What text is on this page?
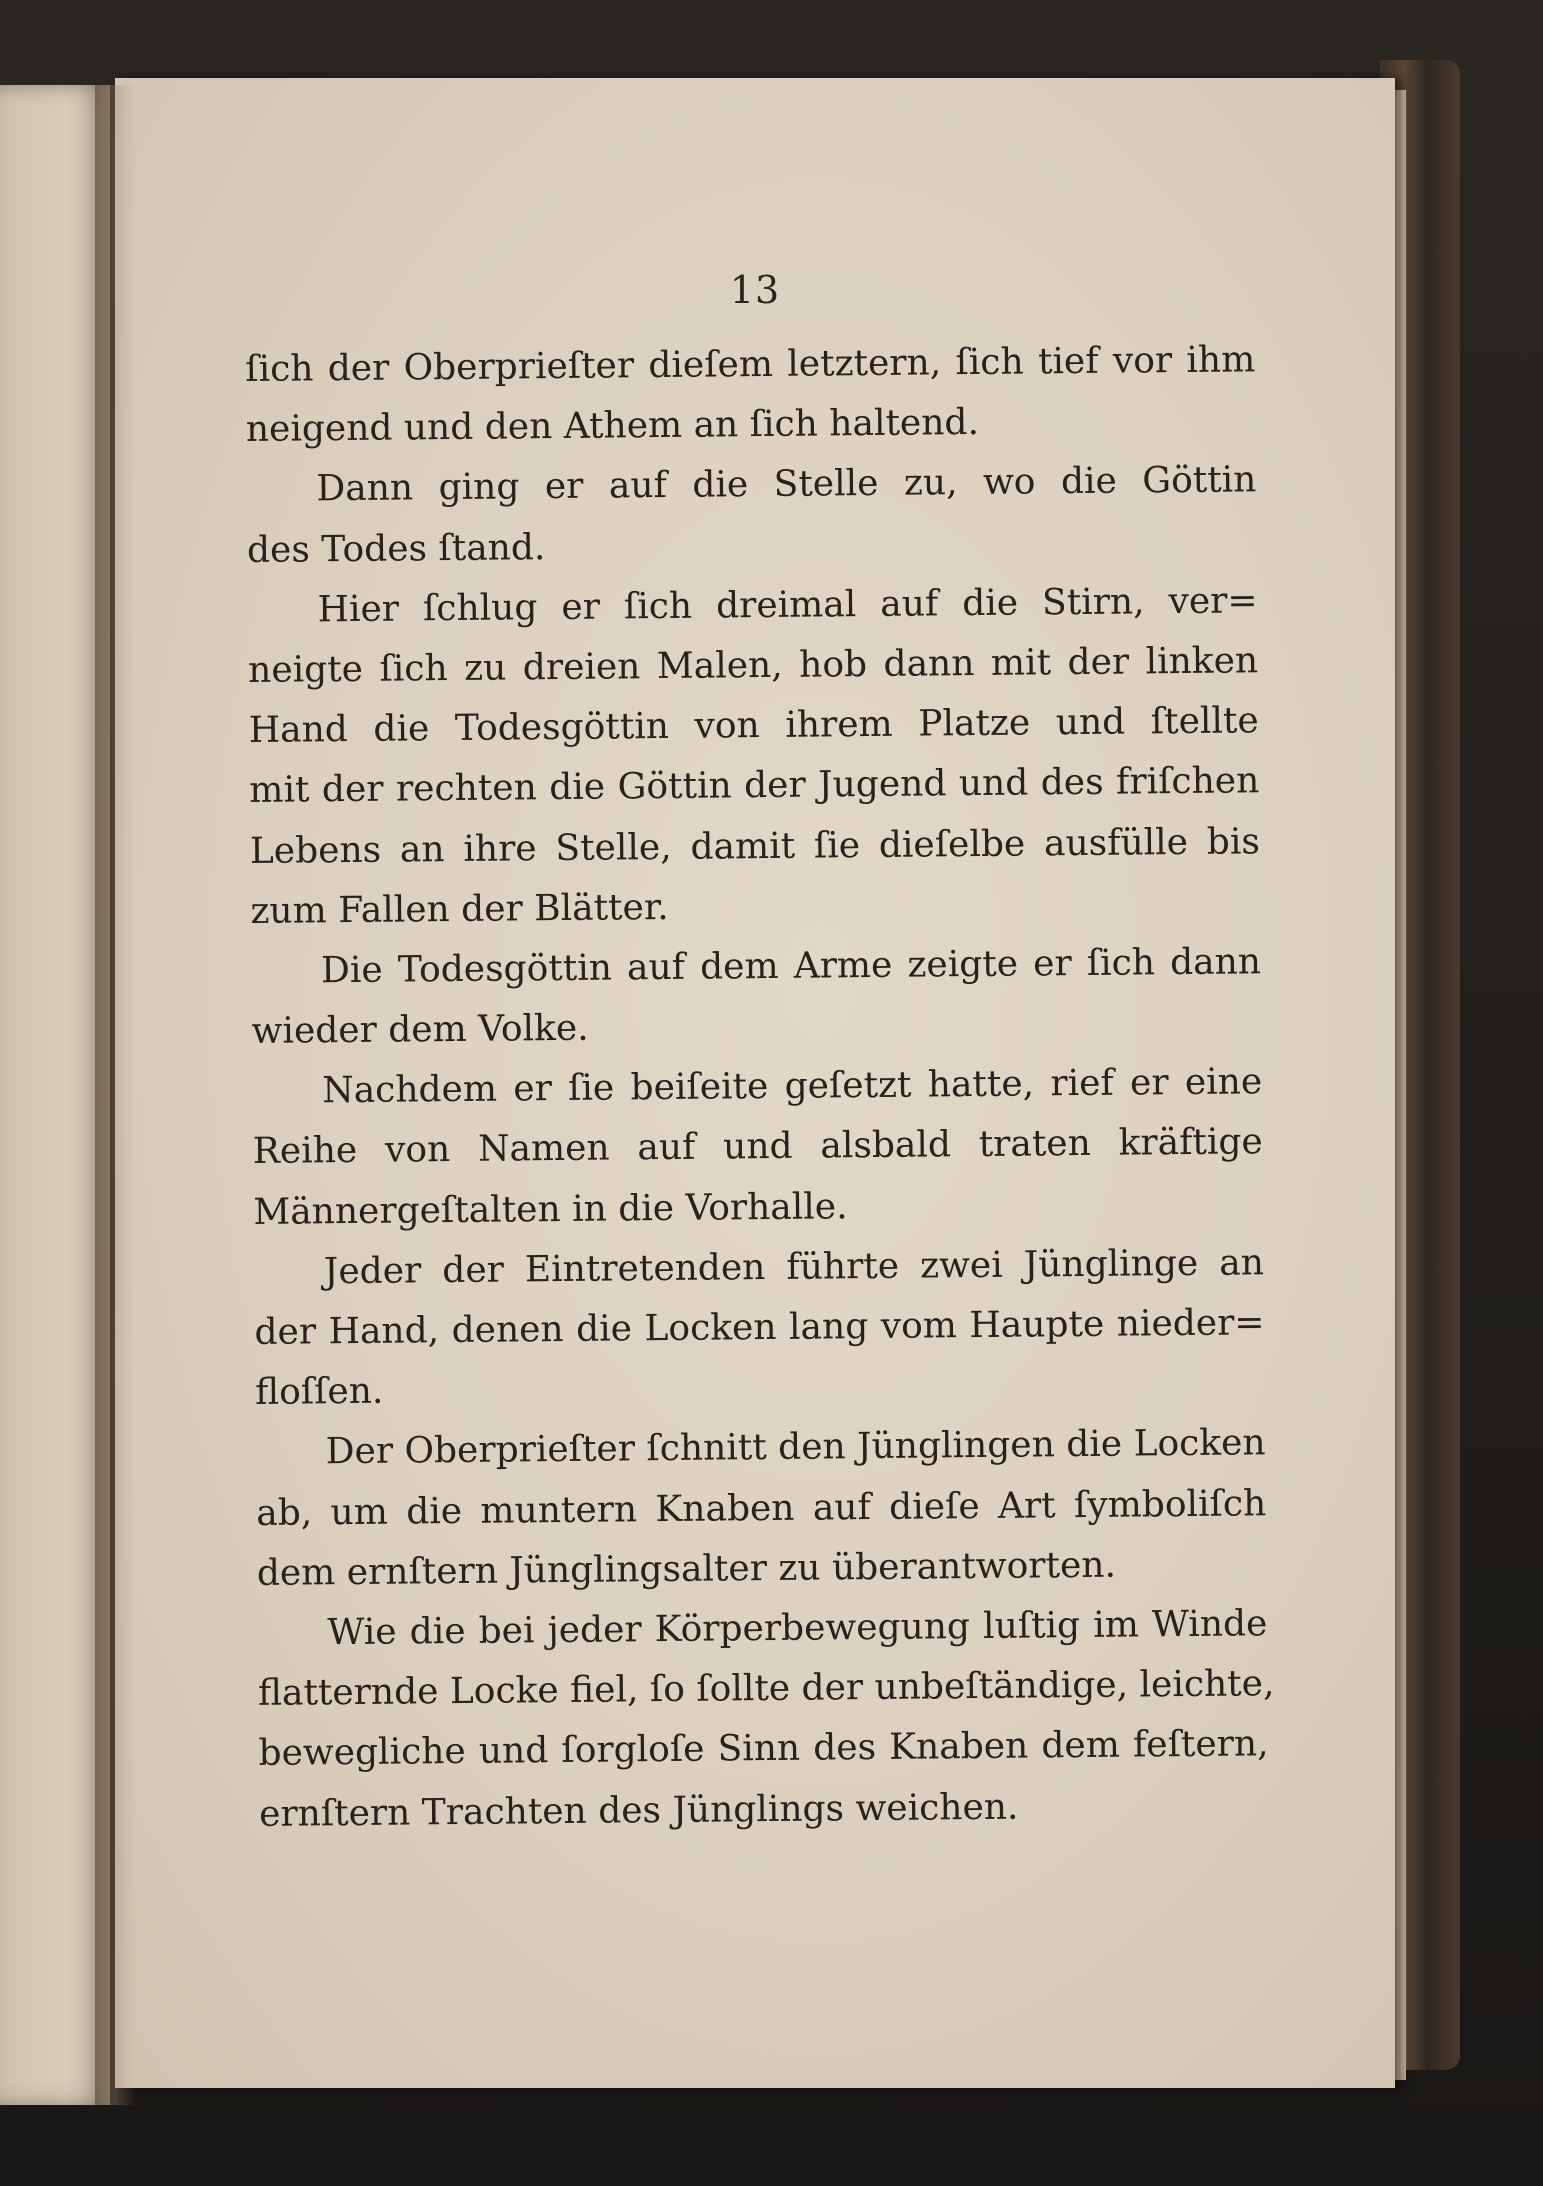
13
ſich der Oberprieſter dieſem letztern, ſich tief vor ihm
neigend und den Athem an ſich haltend.
Dann ging er auf die Stelle zu, wo die Göttin
des Todes ſtand.
Hier ſchlug er ſich dreimal auf die Stirn, ver=
neigte ſich zu dreien Malen, hob dann mit der linken
Hand die Todesgöttin von ihrem Platze und ſtellte
mit der rechten die Göttin der Jugend und des friſchen
Lebens an ihre Stelle, damit ſie dieſelbe ausfülle bis
zum Fallen der Blätter.
Die Todesgöttin auf dem Arme zeigte er ſich dann
wieder dem Volke.
Nachdem er ſie beiſeite geſetzt hatte, rief er eine
Reihe von Namen auf und alsbald traten kräftige
Männergeſtalten in die Vorhalle.
Jeder der Eintretenden führte zwei Jünglinge an
der Hand, denen die Locken lang vom Haupte nieder=
floſſen.
Der Oberprieſter ſchnitt den Jünglingen die Locken
ab, um die muntern Knaben auf dieſe Art ſymboliſch
dem ernſtern Jünglingsalter zu überantworten.
Wie die bei jeder Körperbewegung luſtig im Winde
flatternde Locke fiel, ſo ſollte der unbeſtändige, leichte,
bewegliche und ſorgloſe Sinn des Knaben dem feſtern,
ernſtern Trachten des Jünglings weichen.
